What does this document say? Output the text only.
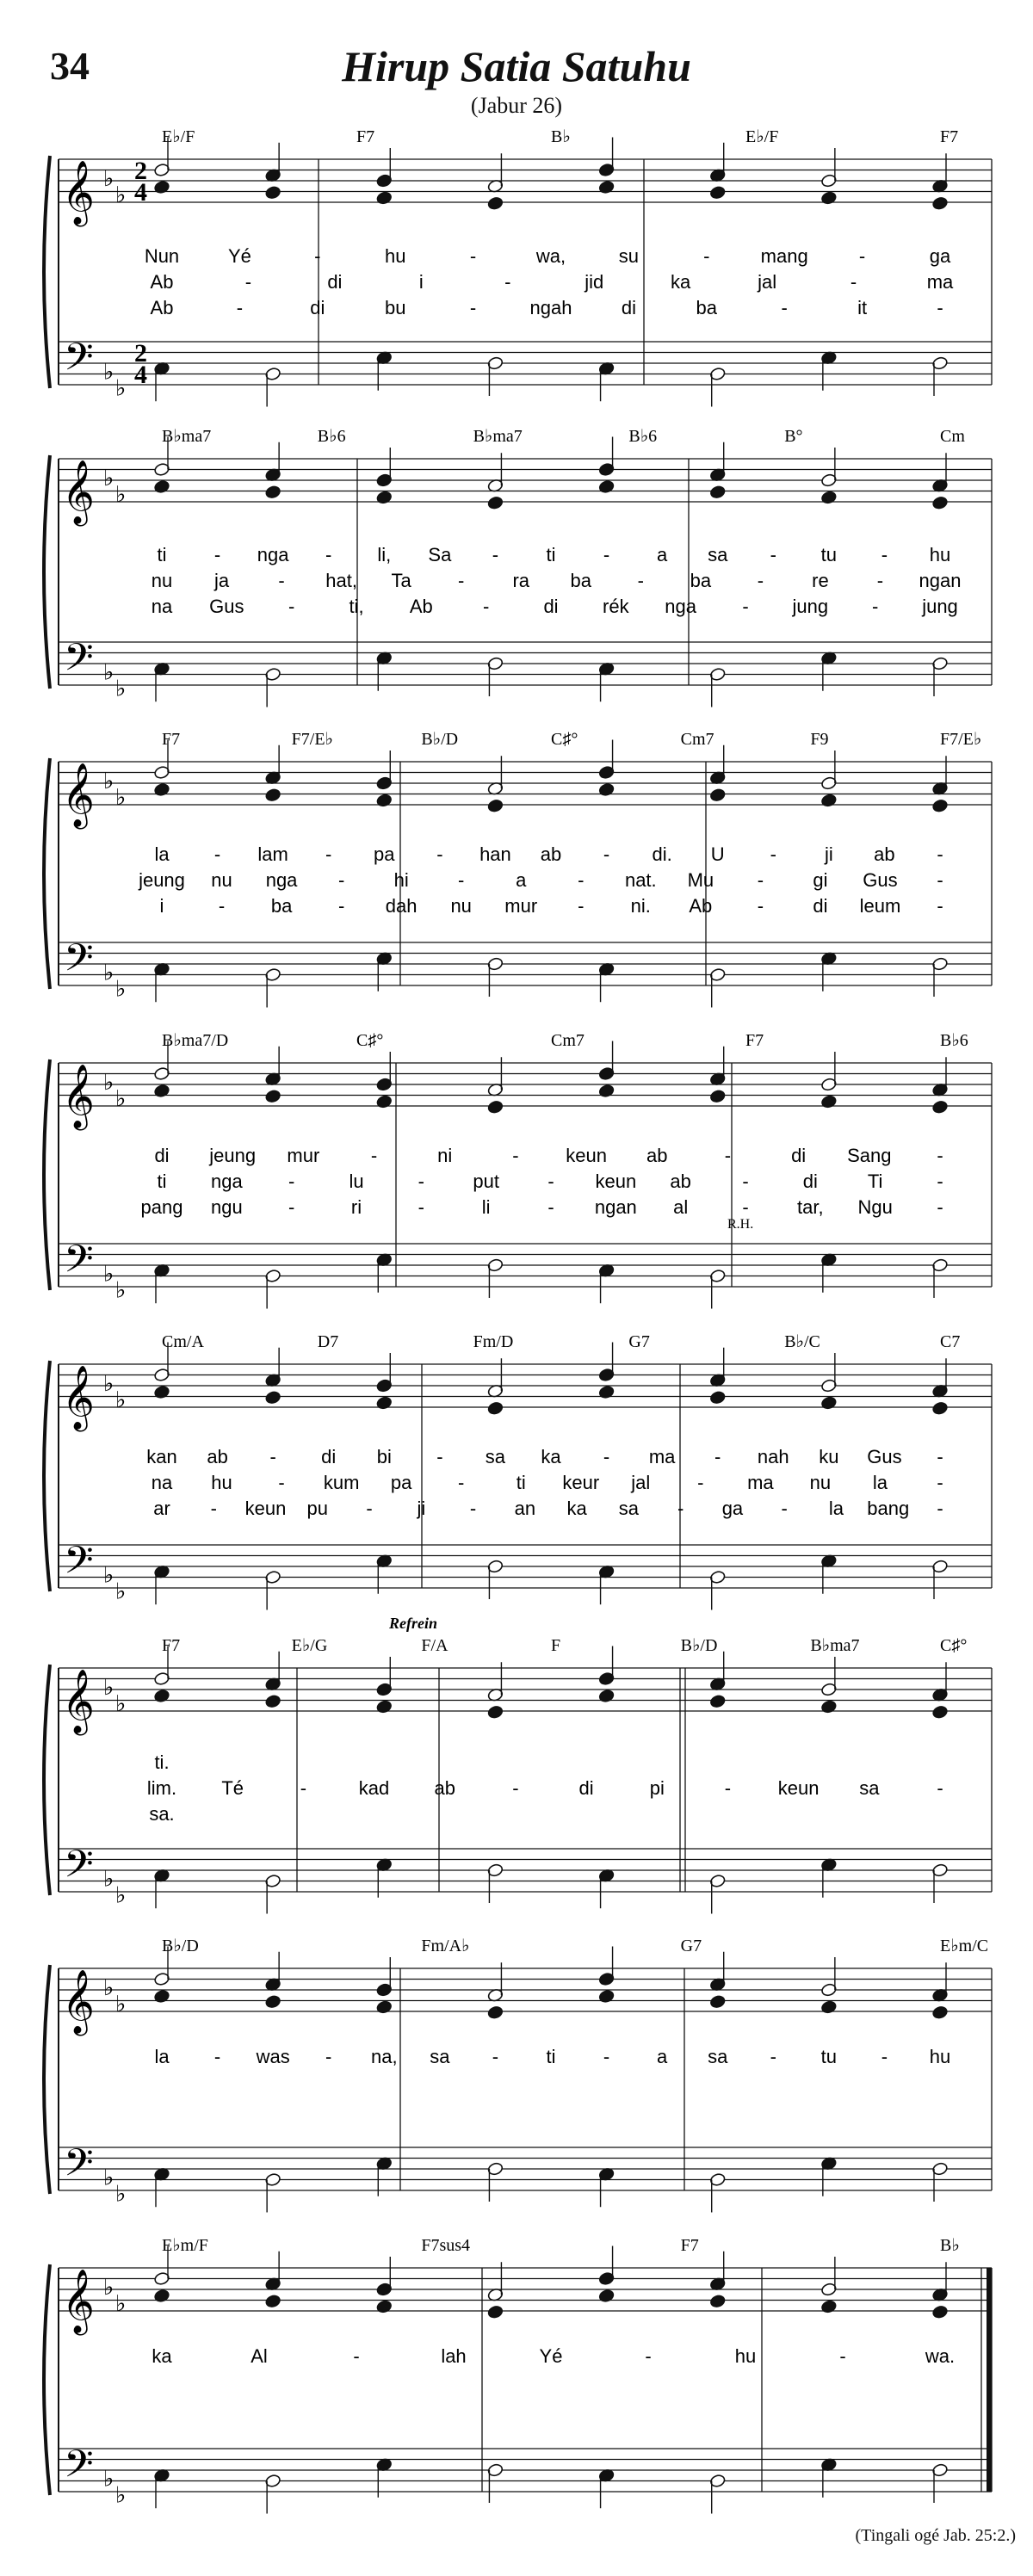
34	Hirup Satia Satuhu
(Jabur 26)
𝄞 ♭
♭
2
4
𝄢 ♭
♭
2
4
E♭/F	F7	B♭	E♭/F	F7
Nun	Yé	-	hu	-	wa,	su	-	mang	-	ga
Ab	-	di	i	-	jid	ka	jal	-	ma
Ab	-	di	bu	-	ngah	di	ba	-	it	-
𝄞 ♭
♭
𝄢 ♭
♭
B♭ma7	B♭6	B♭ma7	B♭6	B°	Cm
ti	- nga - li, Sa -	ti	- a sa - tu - hu
nu ja	- hat, Ta -	ra ba - ba -	re	- ngan
na Gus -	ti, Ab	-	di rék nga - jung - jung
𝄞 ♭
♭
𝄢 ♭
♭
F7	F7/E♭	B♭/D	C♯°	Cm7	F9	F7/E♭
la - lam - pa - han ab - di. U -	ji ab -
jeung nu nga -	hi	-	a	- nat. Mu -	gi Gus -
i	- ba - dah nu mur - ni. Ab -	di leum -
𝄞 ♭
♭
𝄢 ♭
♭
B♭ma7/D	C♯°	Cm7	F7	B♭6
di jeung mur	-	ni	- keun ab	-	di Sang -
ti nga -	lu	-	put	- keun ab	-	di	Ti	-
pang ngu -	ri	-	li	- ngan al	-	tar, Ngu -
R.H.
𝄞 ♭
♭
𝄢 ♭
♭
Cm/A	D7	Fm/D	G7	B♭/C	C7
kan ab - di bi - sa ka - ma - nah ku Gus -
na hu - kum pa -	ti keur jal - ma nu la	-
ar - keun pu - ji - an ka sa - ga - la bang -
𝄞 ♭
♭
𝄢 ♭
♭
F7	E♭/G	F/A	F	B♭/D	B♭ma7	C♯°
ti.
lim. Té	-	kad ab	-	di	pi	- keun sa	-
sa.
Refrein
𝄞 ♭
♭
𝄢 ♭
♭
B♭/D	Fm/A♭	G7	E♭m/C
la - was - na, sa -	ti	- a sa - tu - hu
𝄞 ♭
♭
𝄢 ♭
♭
E♭m/F	F7sus4	F7	B♭
ka	Al	-	lah	Yé	-	hu	-	wa.
(Tingali ogé Jab. 25:2.)
